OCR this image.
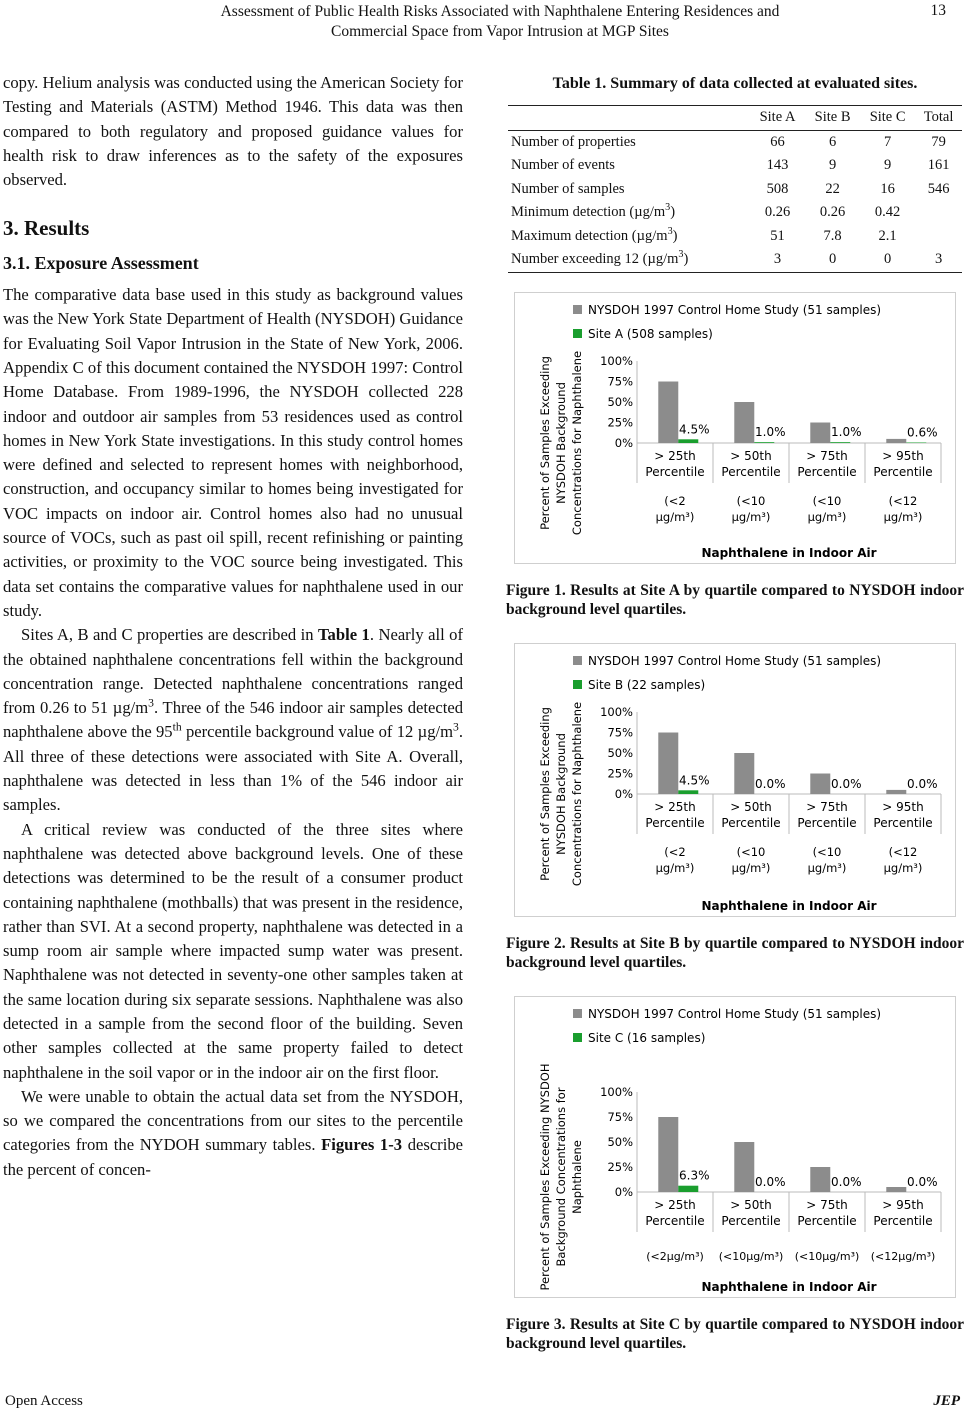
Assessment of Public Health Risks Associated with Naphthalene Entering Residences and
Commercial Space from Vapor Intrusion at MGP Sites
13

copy. Helium analysis was conducted using the American Society for Testing and Materials (ASTM) Method 1946. This data was then compared to both regulatory and proposed guidance values for health risk to draw inferences as to the safety of the exposures observed.

3. Results
3.1. Exposure Assessment

The comparative data base used in this study as background values was the New York State Department of Health (NYSDOH) Guidance for Evaluating Soil Vapor Intrusion in the State of New York, 2006. Appendix C of this document contained the NYSDOH 1997: Control Home Database. From 1989-1996, the NYSDOH collected 228 indoor and outdoor air samples from 53 residences used as control homes in New York State investigations. In this study control homes were defined and selected to represent homes with neighborhood, construction, and occupancy similar to homes being investigated for VOC impacts on indoor air. Control homes also had no unusual source of VOCs, such as past oil spill, recent refinishing or painting activities, or proximity to the VOC source being investigated. This data set contains the comparative values for naphthalene used in our study.

Sites A, B and C properties are described in Table 1. Nearly all of the obtained naphthalene concentrations fell within the background concentration range. Detected naphthalene concentrations ranged from 0.26 to 51 $\mu g/m^3$. Three of the 546 indoor air samples detected naphthalene above the 95th percentile background value of 12 $\mu g/m^3$. All three of these detections were associated with Site A. Overall, naphthalene was detected in less than 1% of the 546 indoor air samples.

A critical review was conducted of the three sites where naphthalene was detected above background levels. One of these detections was determined to be the result of a consumer product containing naphthalene (mothballs) that was present in the residence, rather than SVI. At a second property, naphthalene was detected in a sump room air sample where impacted sump water was present. Naphthalene was not detected in seventy-one other samples taken at the same location during six separate sessions. Naphthalene was also detected in a sample from the second floor of the building. Seven other samples collected at the same property failed to detect naphthalene in the soil vapor or in the indoor air on the first floor.

We were unable to obtain the actual data set from the NYSDOH, so we compared the concentrations from our sites to the percentile categories from the NYDOH summary tables. Figures 1-3 describe the percent of concen-

Table 1. Summary of data collected at evaluated sites.
	Site A	Site B	Site C	Total
Number of properties	66	6	7	79
Number of events	143	9	9	161
Number of samples	508	22	16	546
Minimum detection $(\mu g/m^3)$	0.26	0.26	0.42	
Maximum detection $(\mu g/m^3)$	51	7.8	2.1	
Number exceeding 12 $(\mu g/m^3)$	3	0	0	3
NYSDOH 1997 Control Home Study (51 samples)
Site A (508 samples)
0%
25%
50%
75%
100%
4.5%
> 25th
Percentile
(<2
µg/m³)
1.0%
> 50th
Percentile
(<10
µg/m³)
1.0%
> 75th
Percentile
(<10
µg/m³)
0.6%
> 95th
Percentile
(<12
µg/m³)
Naphthalene in Indoor Air
Percent of Samples Exceeding NYSDOH Background Concentrations for Naphthalene
Figure 1. Results at Site A by quartile compared to NYSDOH indoor background level quartiles.
NYSDOH 1997 Control Home Study (51 samples)
Site B (22 samples)
0%
25%
50%
75%
100%
4.5%
> 25th
Percentile
(<2
µg/m³)
0.0%
> 50th
Percentile
(<10
µg/m³)
0.0%
> 75th
Percentile
(<10
µg/m³)
0.0%
> 95th
Percentile
(<12
µg/m³)
Naphthalene in Indoor Air
Percent of Samples Exceeding NYSDOH Background Concentrations for Naphthalene
Figure 2. Results at Site B by quartile compared to NYSDOH indoor background level quartiles.
NYSDOH 1997 Control Home Study (51 samples)
Site C (16 samples)
0%
25%
50%
75%
100%
6.3%
> 25th
Percentile
(<2µg/m³)
0.0%
> 50th
Percentile
(<10µg/m³)
0.0%
> 75th
Percentile
(<10µg/m³)
0.0%
> 95th
Percentile
(<12µg/m³)
Naphthalene in Indoor Air
Percent of Samples Exceeding NYSDOH Background Concentrations for Naphthalene
Figure 3. Results at Site C by quartile compared to NYSDOH indoor background level quartiles.
Open Access	JEP
